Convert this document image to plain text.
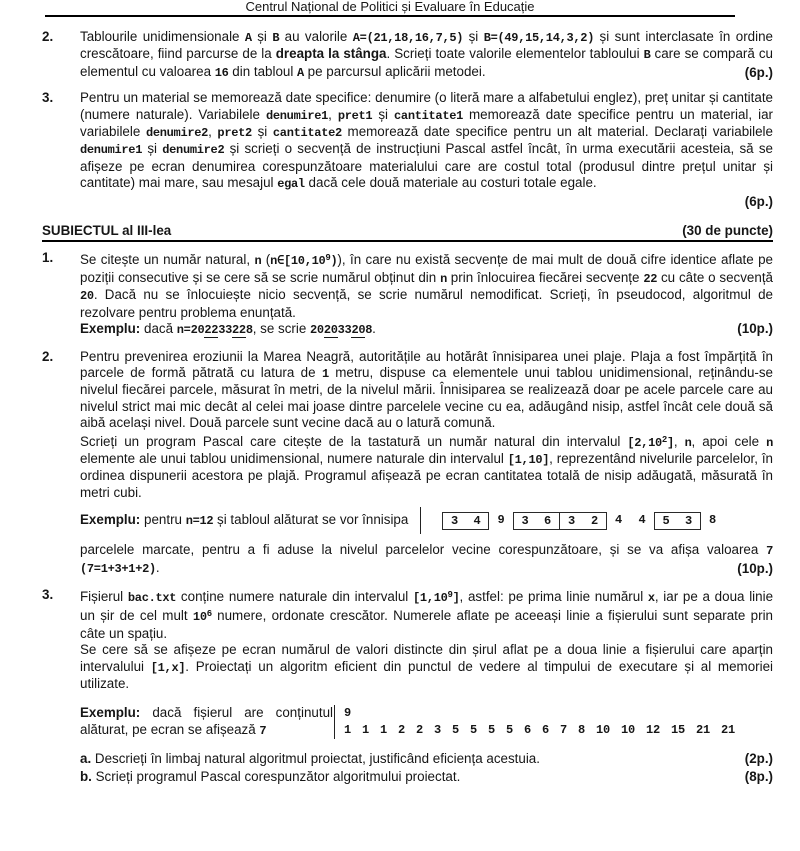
Centrul Național de Politici și Evaluare în Educație
2.	Tablourile unidimensionale A și B au valorile A=(21,18,16,7,5) și B=(49,15,14,3,2) și sunt interclasate în ordine crescătoare, fiind parcurse de la dreapta la stânga. Scrieți toate valorile elementelor tabloului B care se compară cu elementul cu valoarea 16 din tabloul A pe parcursul aplicării metodei.	(6p.)
3.	Pentru un material se memorează date specifice: denumire (o literă mare a alfabetului englez), preț unitar și cantitate (numere naturale). Variabilele denumire1, pret1 și cantitate1 memorează date specifice pentru un material, iar variabilele denumire2, pret2 și cantitate2 memorează date specifice pentru un alt material. Declarați variabilele denumire1 și denumire2 și scrieți o secvență de instrucțiuni Pascal astfel încât, în urma executării acesteia, să se afișeze pe ecran denumirea corespunzătoare materialului care are costul total (produsul dintre prețul unitar și cantitate) mai mare, sau mesajul egal dacă cele două materiale au costuri totale egale.
(6p.)
SUBIECTUL al III-lea	(30 de puncte)
1.	Se citește un număr natural, n (n∈[10,10$^9$)), în care nu există secvențe de mai mult de două cifre identice aflate pe poziții consecutive și se cere să se scrie numărul obținut din n prin înlocuirea fiecărei secvențe 22 cu câte o secvență 20. Dacă nu se înlocuiește nicio secvență, se scrie numărul nemodificat. Scrieți, în pseudocod, algoritmul de rezolvare pentru problema enunțată.
Exemplu: dacă n=202233228, se scrie 202033208.	(10p.)
2.	Pentru prevenirea eroziunii la Marea Neagră, autoritățile au hotărât înnisiparea unei plaje. Plaja a fost împărțită în parcele de formă pătrată cu latura de 1 metru, dispuse ca elementele unui tablou unidimensional, reținându-se nivelul fiecărei parcele, măsurat în metri, de la nivelul mării. Înnisiparea se realizează doar pe acele parcele care au nivelul strict mai mic decât al celei mai joase dintre parcelele vecine cu ea, adăugând nisip, astfel încât cele două să aibă același nivel. Două parcele sunt vecine dacă au o latură comună.
Scrieți un program Pascal care citește de la tastatură un număr natural din intervalul [2,10$^2$], n, apoi cele n elemente ale unui tablou unidimensional, numere naturale din intervalul [1,10], reprezentând nivelurile parcelelor, în ordinea dispunerii acestora pe plajă. Programul afișează pe ecran cantitatea totală de nisip adăugată, măsurată în metri cubi.
Exemplu: pentru n=12 și tabloul alăturat se vor înnisipa	3	4	9	3	6	3	2	4	4	5	3	8
parcelele marcate, pentru a fi aduse la nivelul parcelelor vecine corespunzătoare, și se va afișa valoarea 7 (7=1+3+1+2).	(10p.)
3.	Fișierul bac.txt conține numere naturale din intervalul [1,10$^9$], astfel: pe prima linie numărul x, iar pe a doua linie un șir de cel mult $10^6$ numere, ordonate crescător. Numerele aflate pe aceeași linie a fișierului sunt separate prin câte un spațiu.
Se cere să se afișeze pe ecran numărul de valori distincte din șirul aflat pe a doua linie a fișierului care aparțin intervalului [1,x]. Proiectați un algoritm eficient din punctul de vedere al timpului de executare și al memoriei utilizate.
Exemplu: dacă fișierul are conținutul alăturat, pe ecran se afișează 7
9
1 1 1 2 2 3 5 5 5 5 6 6 7 8 10 10 12 15 21 21
a. Descrieți în limbaj natural algoritmul proiectat, justificând eficiența acestuia.	(2p.)
b. Scrieți programul Pascal corespunzător algoritmului proiectat.	(8p.)
